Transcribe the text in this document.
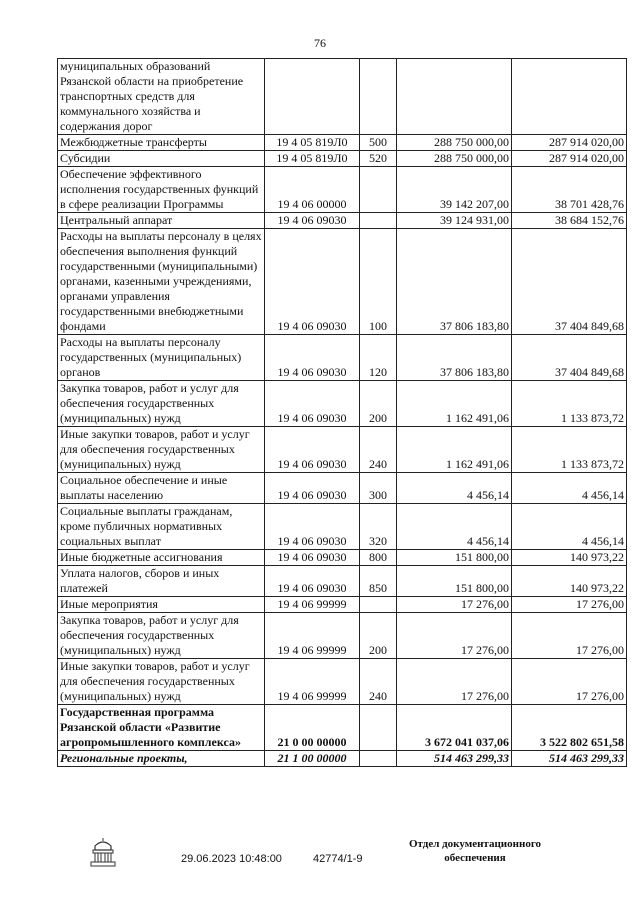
76
муниципальных образований Рязанской области на приобретение транспортных средств для коммунального хозяйства и содержания дорог				
Межбюджетные трансферты	19 4 05 819Л0	500	288 750 000,00	287 914 020,00
Субсидии	19 4 05 819Л0	520	288 750 000,00	287 914 020,00
Обеспечение эффективного исполнения государственных функций в сфере реализации Программы	19 4 06 00000		39 142 207,00	38 701 428,76
Центральный аппарат	19 4 06 09030		39 124 931,00	38 684 152,76
Расходы на выплаты персоналу в целях обеспечения выполнения функций государственными (муниципальными) органами, казенными учреждениями, органами управления государственными внебюджетными фондами	19 4 06 09030	100	37 806 183,80	37 404 849,68
Расходы на выплаты персоналу государственных (муниципальных) органов	19 4 06 09030	120	37 806 183,80	37 404 849,68
Закупка товаров, работ и услуг для обеспечения государственных (муниципальных) нужд	19 4 06 09030	200	1 162 491,06	1 133 873,72
Иные закупки товаров, работ и услуг для обеспечения государственных (муниципальных) нужд	19 4 06 09030	240	1 162 491,06	1 133 873,72
Социальное обеспечение и иные выплаты населению	19 4 06 09030	300	4 456,14	4 456,14
Социальные выплаты гражданам, кроме публичных нормативных социальных выплат	19 4 06 09030	320	4 456,14	4 456,14
Иные бюджетные ассигнования	19 4 06 09030	800	151 800,00	140 973,22
Уплата налогов, сборов и иных платежей	19 4 06 09030	850	151 800,00	140 973,22
Иные мероприятия	19 4 06 99999		17 276,00	17 276,00
Закупка товаров, работ и услуг для обеспечения государственных (муниципальных) нужд	19 4 06 99999	200	17 276,00	17 276,00
Иные закупки товаров, работ и услуг для обеспечения государственных (муниципальных) нужд	19 4 06 99999	240	17 276,00	17 276,00
Государственная программа Рязанской области «Развитие агропромышленного комплекса»	21 0 00 00000		3 672 041 037,06	3 522 802 651,58
Региональные проекты,	21 1 00 00000		514 463 299,33	514 463 299,33
29.06.2023 10:48:00	42774/1-9
Отдел документационного
обеспечения
